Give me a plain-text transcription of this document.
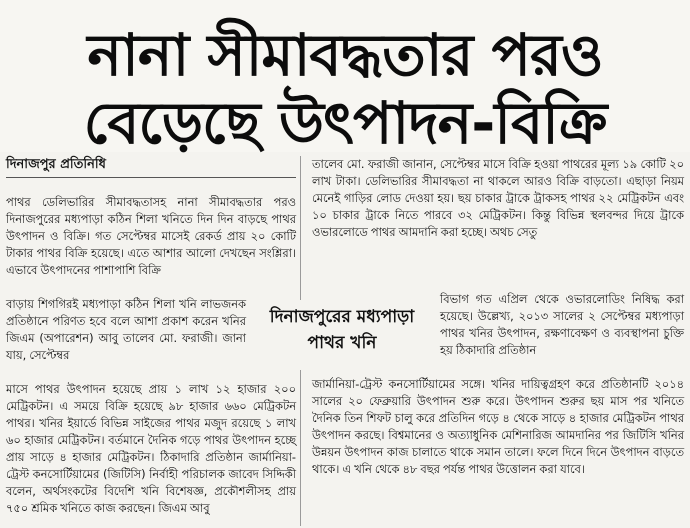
নানা সীমাবদ্ধতার পরও
বেড়েছে উৎপাদন-বিক্রি
দিনাজপুর প্রতিনিধি

পাথর ডেলিভারির সীমাবদ্ধতাসহ নানা সীমাবদ্ধতার পরও দিনাজপুরের মধ্যপাড়া কঠিন শিলা খনিতে দিন দিন বাড়ছে পাথর উৎপাদন ও বিক্রি। গত সেপ্টেম্বর মাসেই রেকর্ড প্রায় ২০ কোটি টাকার পাথর বিক্রি হয়েছে। এতে আশার আলো দেখছেন সংশ্লিরা। এভাবে উৎপাদনের পাশাপাশি বিক্রি

বাড়ায় শিগগিরই মধ্যপাড়া কঠিন শিলা খনি লাভজনক প্রতিষ্ঠানে পরিণত হবে বলে আশা প্রকাশ করেন খনির জিএম (অপারেশন) আবু তালেব মো. ফরাজী। জানা যায়, সেপ্টেম্বর

মাসে পাথর উৎপাদন হয়েছে প্রায় ১ লাখ ১২ হাজার ২০০ মেট্রিকটন। এ সময়ে বিক্রি হয়েছে ৯৮ হাজার ৬৬০ মেট্রিকটন পাথর। খনির ইয়ার্ডে বিভিন্ন সাইজের পাথর মজুদ রয়েছে ১ লাখ ৬০ হাজার মেট্রিকটন। বর্তমানে দৈনিক গড়ে পাথর উৎপাদন হচ্ছে প্রায় সাড়ে ৪ হাজার মেট্রিকটন। ঠিকাদারি প্রতিষ্ঠান জার্মানিয়া-ট্রেস্ট কনসোর্টিয়ামের (জিটিসি) নির্বাহী পরিচালক জাবেদ সিদ্দিকী বলেন, অর্থসংকটের বিদেশি খনি বিশেষজ্ঞ, প্রকৌশলীসহ প্রায় ৭৫০ শ্রমিক খনিতে কাজ করছেন। জিএম আবু

তালেব মো. ফরাজী জানান, সেপ্টেম্বর মাসে বিক্রি হওয়া পাথরের মূল্য ১৯ কোটি ২০ লাখ টাকা। ডেলিভারির সীমাবদ্ধতা না থাকলে আরও বিক্রি বাড়তো। এছাড়া নিয়ম মেনেই গাড়ির লোড দেওয়া হয়। ছয় চাকার ট্রাকে ট্রাকসহ পাথর ২২ মেট্রিকটন এবং ১০ চাকার ট্রাকে নিতে পারবে ৩২ মেট্রিকটন। কিন্তু বিভিন্ন স্থলবন্দর দিয়ে ট্রাকে ওভারলোডে পাথর আমদানি করা হচ্ছে। অথচ সেতু

বিভাগ গত এপ্রিল থেকে ওভারলোডিং নিষিদ্ধ করা হয়েছে। উল্লেখ্য, ২০১৩ সালের ২ সেপ্টেম্বর মধ্যপাড়া পাথর খনির উৎপাদন, রক্ষণাবেক্ষণ ও ব্যবস্থাপনা চুক্তি হয় ঠিকাদারি প্রতিষ্ঠান

জার্মানিয়া-ট্রেস্ট কনসোর্টিয়ামের সঙ্গে। খনির দায়িত্বগ্রহণ করে প্রতিষ্ঠানটি ২০১৪ সালের ২০ ফেব্রুয়ারি উৎপাদন শুরু করে। উৎপাদন শুরুর ছয় মাস পর খনিতে দৈনিক তিন শিফট চালু করে প্রতিদিন গড়ে ৪ থেকে সাড়ে ৪ হাজার মেট্রিকটন পাথর উৎপাদন করছে। বিশ্বমানের ও অত্যাধুনিক মেশিনারিজ আমদানির পর জিটিসি খনির উন্নয়ন উৎপাদন কাজ চালাতে থাকে সমান তালে। ফলে দিনে দিনে উৎপাদন বাড়তে থাকে। এ খনি থেকে ৪৮ বছর পর্যন্ত পাথর উত্তোলন করা যাবে।

দিনাজপুরের মধ্যপাড়া
পাথর খনি
